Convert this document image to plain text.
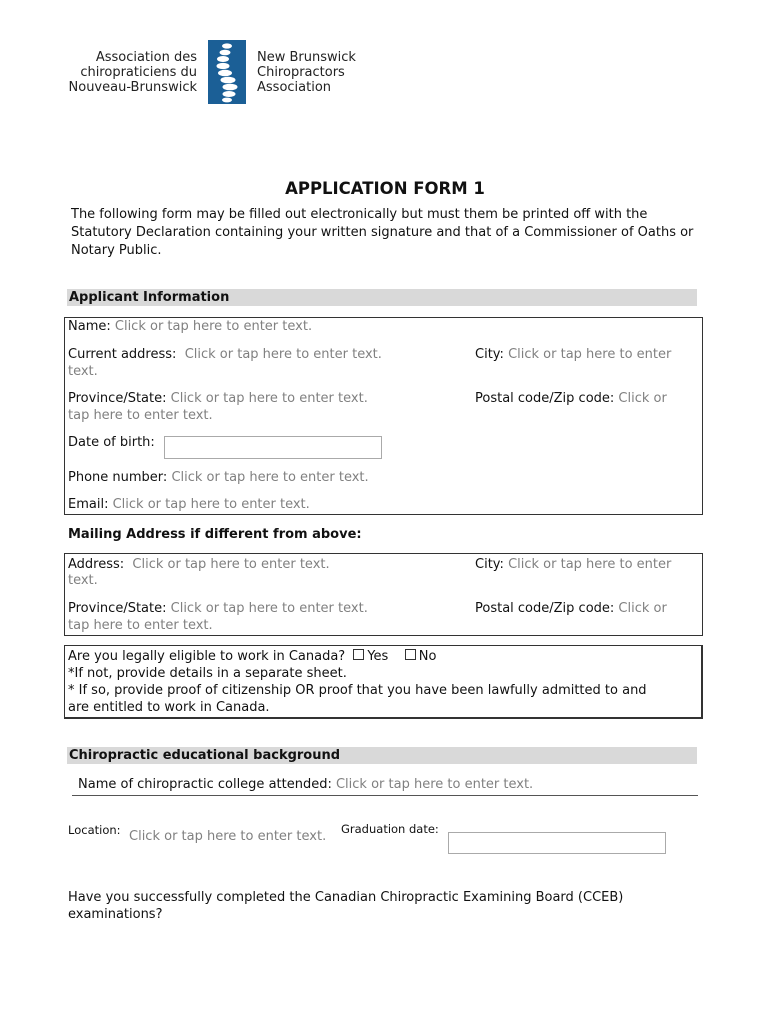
Association des
chiropraticiens du
Nouveau-Brunswick
New Brunswick
Chiropractors
Association
APPLICATION FORM 1
The following form may be filled out electronically but must them be printed off with the Statutory Declaration containing your written signature and that of a Commissioner of Oaths or Notary Public.
Applicant Information
Name: Click or tap here to enter text.
Current address: Click or tap here to enter text.
text.
City: Click or tap here to enter
Province/State: Click or tap here to enter text.
tap here to enter text.
Postal code/Zip code: Click or
Date of birth:
Phone number: Click or tap here to enter text.
Email: Click or tap here to enter text.
Mailing Address if different from above:
Address: Click or tap here to enter text.
text.
City: Click or tap here to enter
Province/State: Click or tap here to enter text.
tap here to enter text.
Postal code/Zip code: Click or
Are you legally eligible to work in Canada? Yes No
*If not, provide details in a separate sheet.
* If so, provide proof of citizenship OR proof that you have been lawfully admitted to and
are entitled to work in Canada.
Chiropractic educational background
Name of chiropractic college attended: Click or tap here to enter text.
Location: Click or tap here to enter text. Graduation date:
Have you successfully completed the Canadian Chiropractic Examining Board (CCEB)
examinations?
